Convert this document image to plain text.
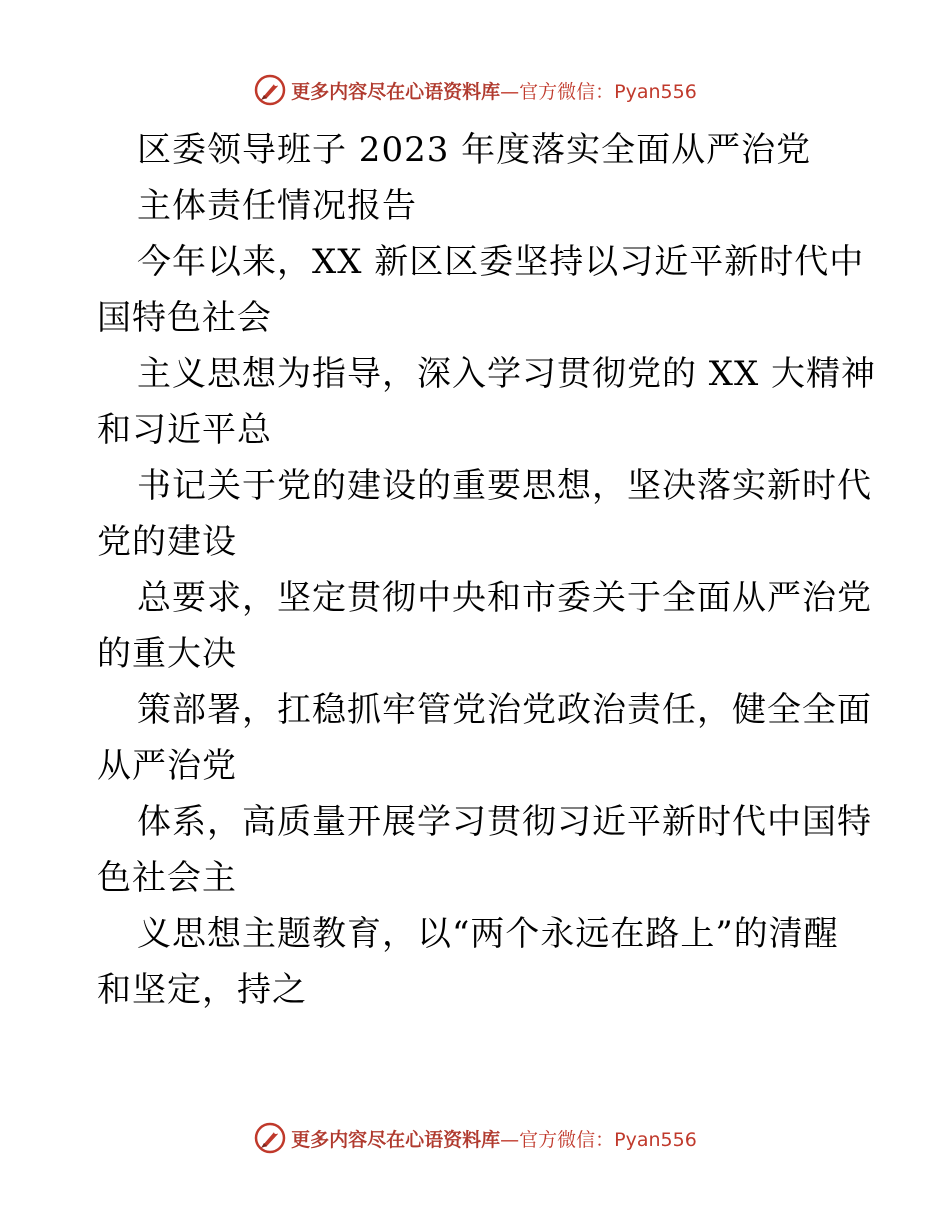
更多内容尽在心语资料库—官方微信：Pyan556
区委领导班子 2023 年度落实全面从严治党
主体责任情况报告
今年以来，XX 新区区委坚持以习近平新时代中
国特色社会
主义思想为指导，深入学习贯彻党的 XX 大精神
和习近平总
书记关于党的建设的重要思想，坚决落实新时代
党的建设
总要求，坚定贯彻中央和市委关于全面从严治党
的重大决
策部署，扛稳抓牢管党治党政治责任，健全全面
从严治党
体系，高质量开展学习贯彻习近平新时代中国特
色社会主
义思想主题教育，以“两个永远在路上”的清醒
和坚定，持之
更多内容尽在心语资料库—官方微信：Pyan556
